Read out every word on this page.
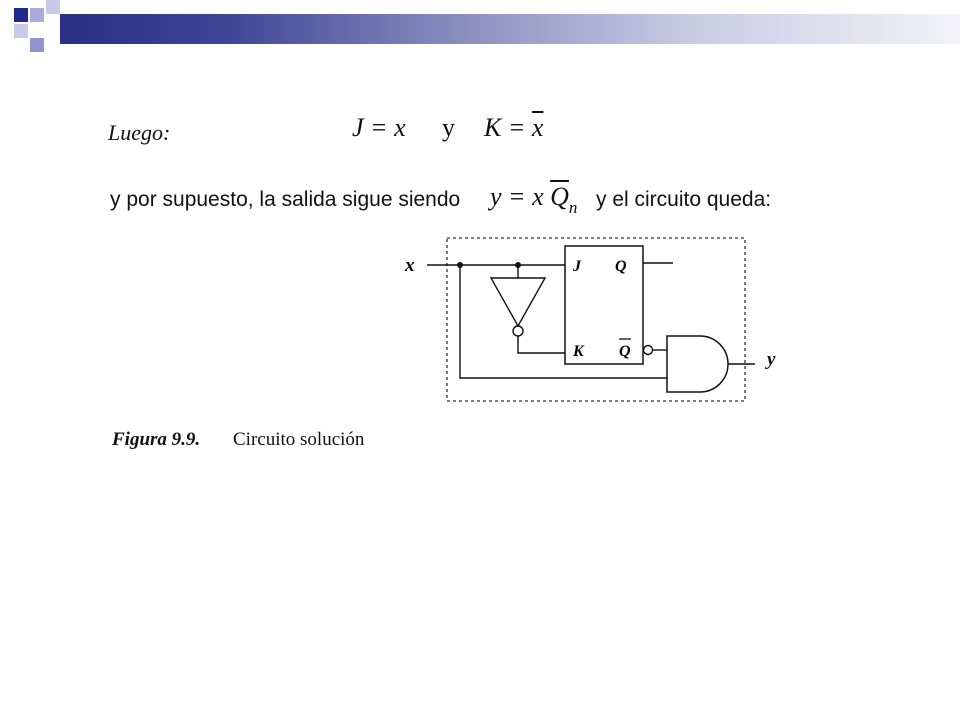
Luego:	J = x y $K = \overline{x}$
y por supuesto, la salida sigue siendo y = x $\overline{Q}_n$ y el circuito queda:
J Q
K Q
x
y
Figura 9.9. Circuito solución
